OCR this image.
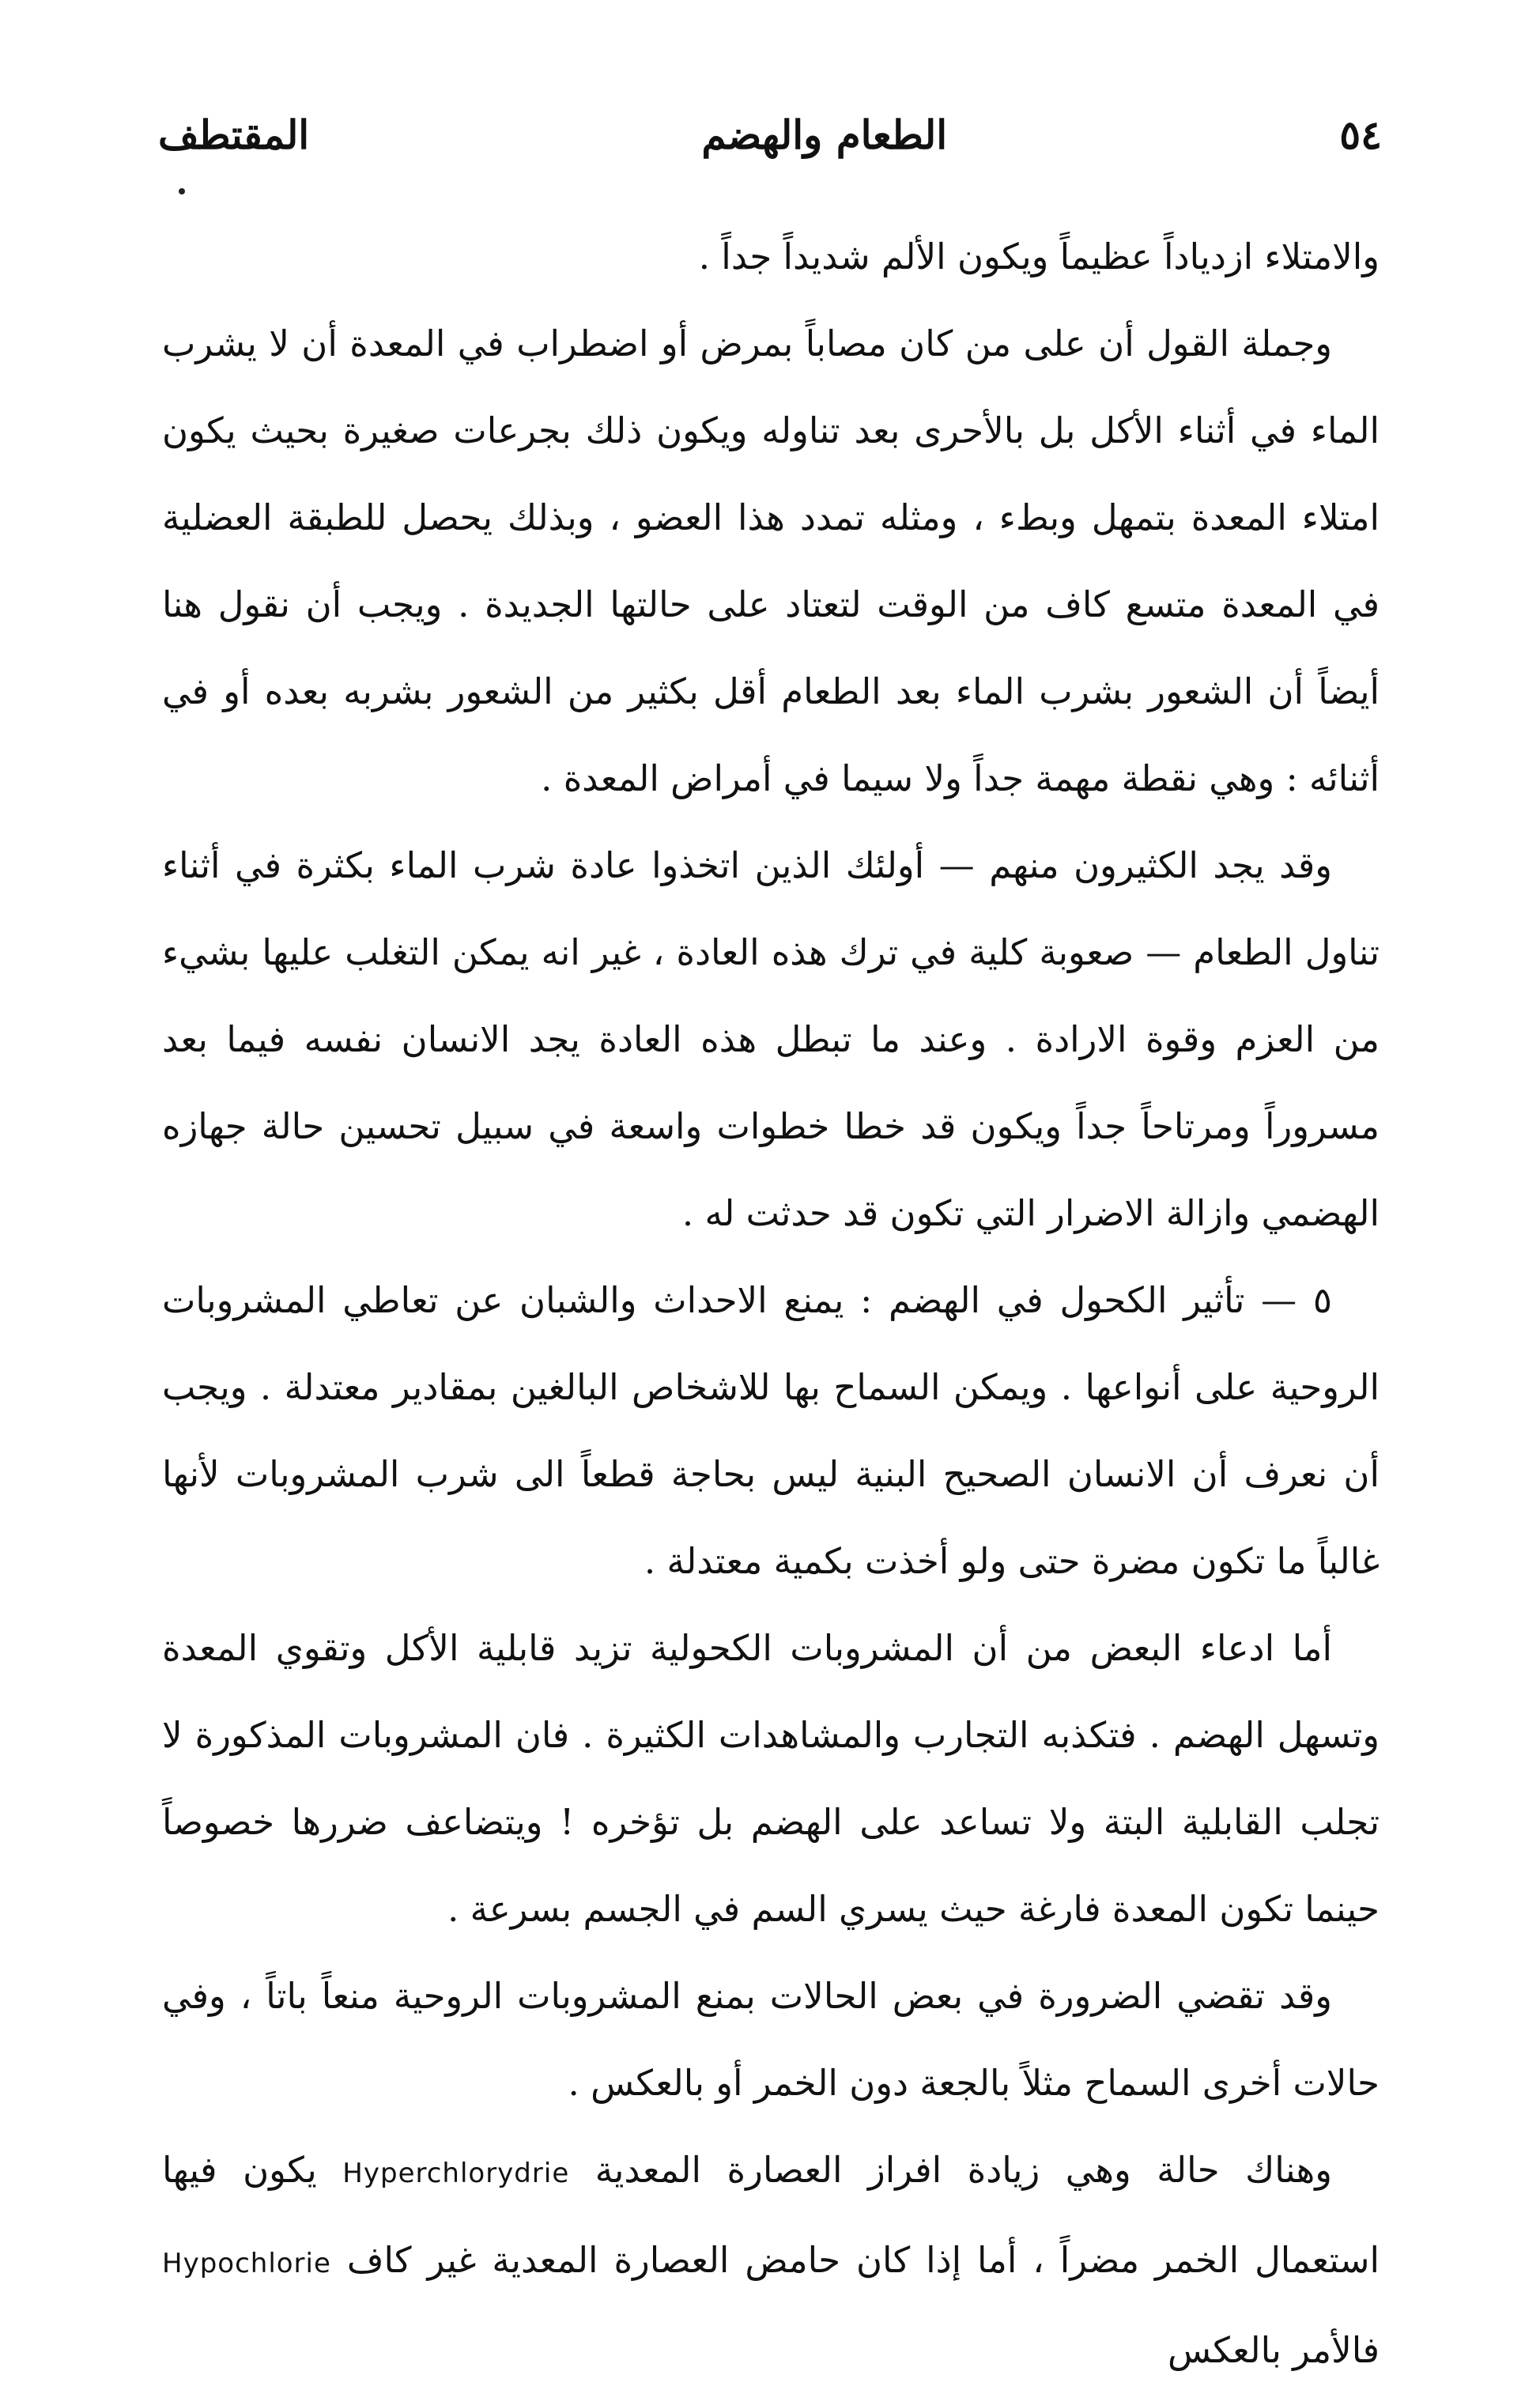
٥٤
الطعام والهضم
المقتطف

والامتلاء ازدياداً عظيماً ويكون الألم شديداً جداً .

وجملة القول أن على من كان مصاباً بمرض أو اضطراب في المعدة أن لا يشرب الماء في أثناء الأكل بل بالأحرى بعد تناوله ويكون ذلك بجرعات صغيرة بحيث يكون امتلاء المعدة بتمهل وبطء ، ومثله تمدد هذا العضو ، وبذلك يحصل للطبقة العضلية في المعدة متسع كاف من الوقت لتعتاد على حالتها الجديدة . ويجب أن نقول هنا أيضاً أن الشعور بشرب الماء بعد الطعام أقل بكثير من الشعور بشربه بعده أو في أثنائه : وهي نقطة مهمة جداً ولا سيما في أمراض المعدة .

وقد يجد الكثيرون منهم — أولئك الذين اتخذوا عادة شرب الماء بكثرة في أثناء تناول الطعام — صعوبة كلية في ترك هذه العادة ، غير انه يمكن التغلب عليها بشيء من العزم وقوة الارادة . وعند ما تبطل هذه العادة يجد الانسان نفسه فيما بعد مسروراً ومرتاحاً جداً ويكون قد خطا خطوات واسعة في سبيل تحسين حالة جهازه الهضمي وازالة الاضرار التي تكون قد حدثت له .

٥ — تأثير الكحول في الهضم : يمنع الاحداث والشبان عن تعاطي المشروبات الروحية على أنواعها . ويمكن السماح بها للاشخاص البالغين بمقادير معتدلة . ويجب أن نعرف أن الانسان الصحيح البنية ليس بحاجة قطعاً الى شرب المشروبات لأنها غالباً ما تكون مضرة حتى ولو أخذت بكمية معتدلة .

أما ادعاء البعض من أن المشروبات الكحولية تزيد قابلية الأكل وتقوي المعدة وتسهل الهضم . فتكذبه التجارب والمشاهدات الكثيرة . فان المشروبات المذكورة لا تجلب القابلية البتة ولا تساعد على الهضم بل تؤخره ! ويتضاعف ضررها خصوصاً حينما تكون المعدة فارغة حيث يسري السم في الجسم بسرعة .

وقد تقضي الضرورة في بعض الحالات بمنع المشروبات الروحية منعاً باتاً ، وفي حالات أخرى السماح مثلاً بالجعة دون الخمر أو بالعكس .

وهناك حالة وهي زيادة افراز العصارة المعدية Hyperchlorydrie يكون فيها استعمال الخمر مضراً ، أما إذا كان حامض العصارة المعدية غير كاف Hypochlorie فالأمر بالعكس
